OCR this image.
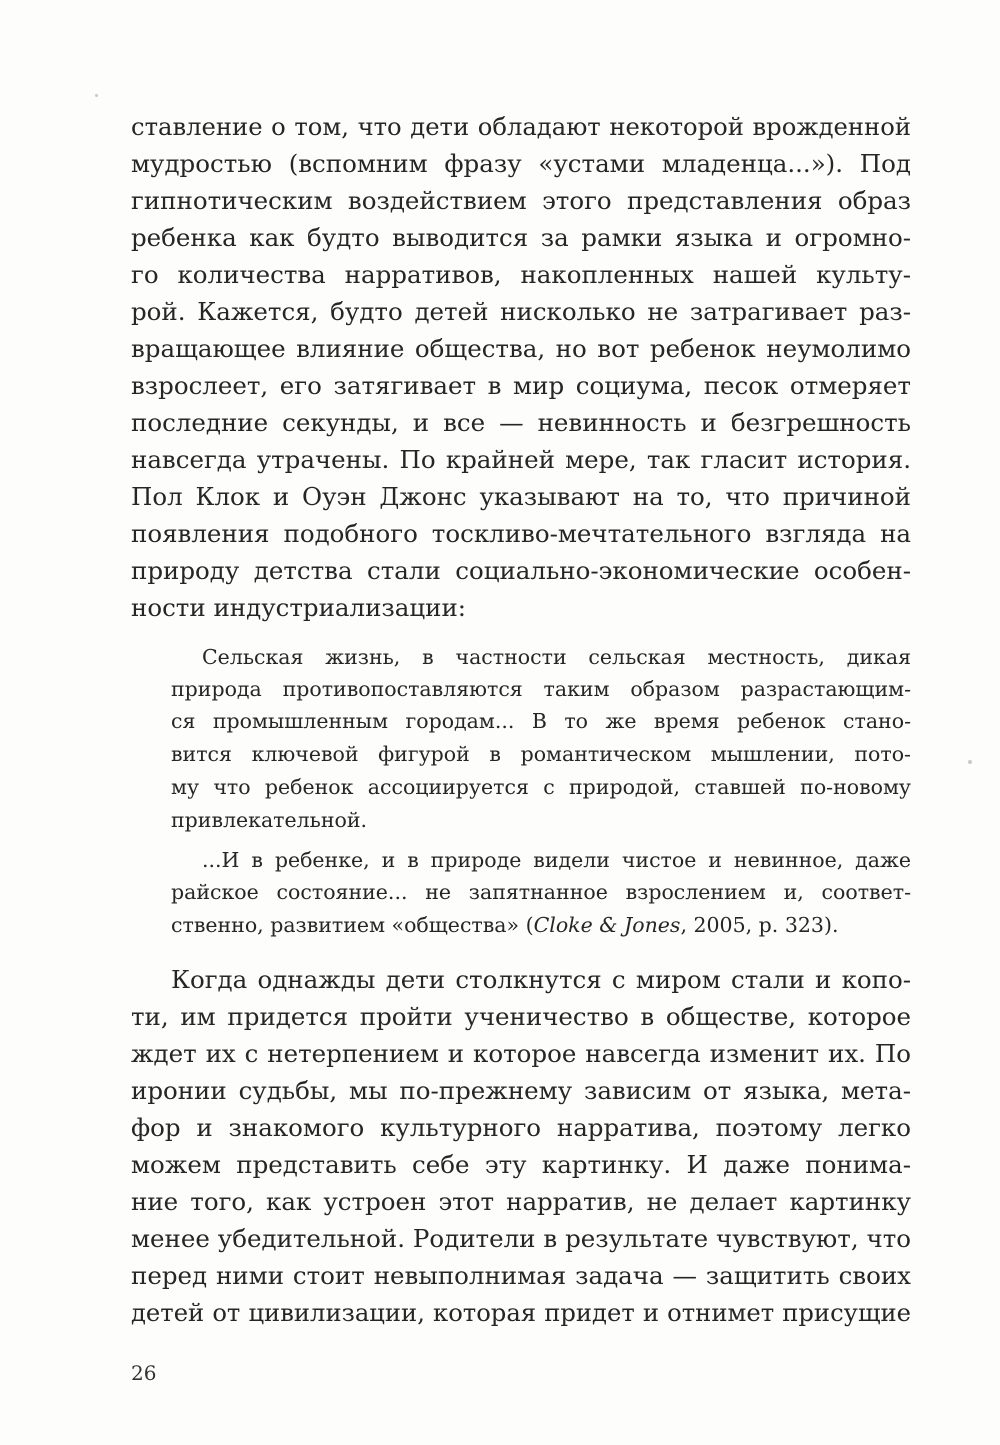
ставление о том, что дети обладают некоторой врожденной
мудростью (вспомним фразу «устами младенца...»). Под
гипнотическим воздействием этого представления образ
ребенка как будто выводится за рамки языка и огромно-
го количества нарративов, накопленных нашей культу-
рой. Кажется, будто детей нисколько не затрагивает раз-
вращающее влияние общества, но вот ребенок неумолимо
взрослеет, его затягивает в мир социума, песок отмеряет
последние секунды, и все — невинность и безгрешность
навсегда утрачены. По крайней мере, так гласит история.
Пол Клок и Оуэн Джонс указывают на то, что причиной
появления подобного тоскливо-мечтательного взгляда на
природу детства стали социально-экономические особен-
ности индустриализации:
Сельская жизнь, в частности сельская местность, дикая
природа противопоставляются таким образом разрастающим-
ся промышленным городам... В то же время ребенок стано-
вится ключевой фигурой в романтическом мышлении, пото-
му что ребенок ассоциируется с природой, ставшей по-новому
привлекательной.
...И в ребенке, и в природе видели чистое и невинное, даже
райское состояние... не запятнанное взрослением и, соответ-
ственно, развитием «общества» (Cloke & Jones, 2005, p. 323).
Когда однажды дети столкнутся с миром стали и копо-
ти, им придется пройти ученичество в обществе, которое
ждет их с нетерпением и которое навсегда изменит их. По
иронии судьбы, мы по-прежнему зависим от языка, мета-
фор и знакомого культурного нарратива, поэтому легко
можем представить себе эту картинку. И даже понима-
ние того, как устроен этот нарратив, не делает картинку
менее убедительной. Родители в результате чувствуют, что
перед ними стоит невыполнимая задача — защитить своих
детей от цивилизации, которая придет и отнимет присущие
26
